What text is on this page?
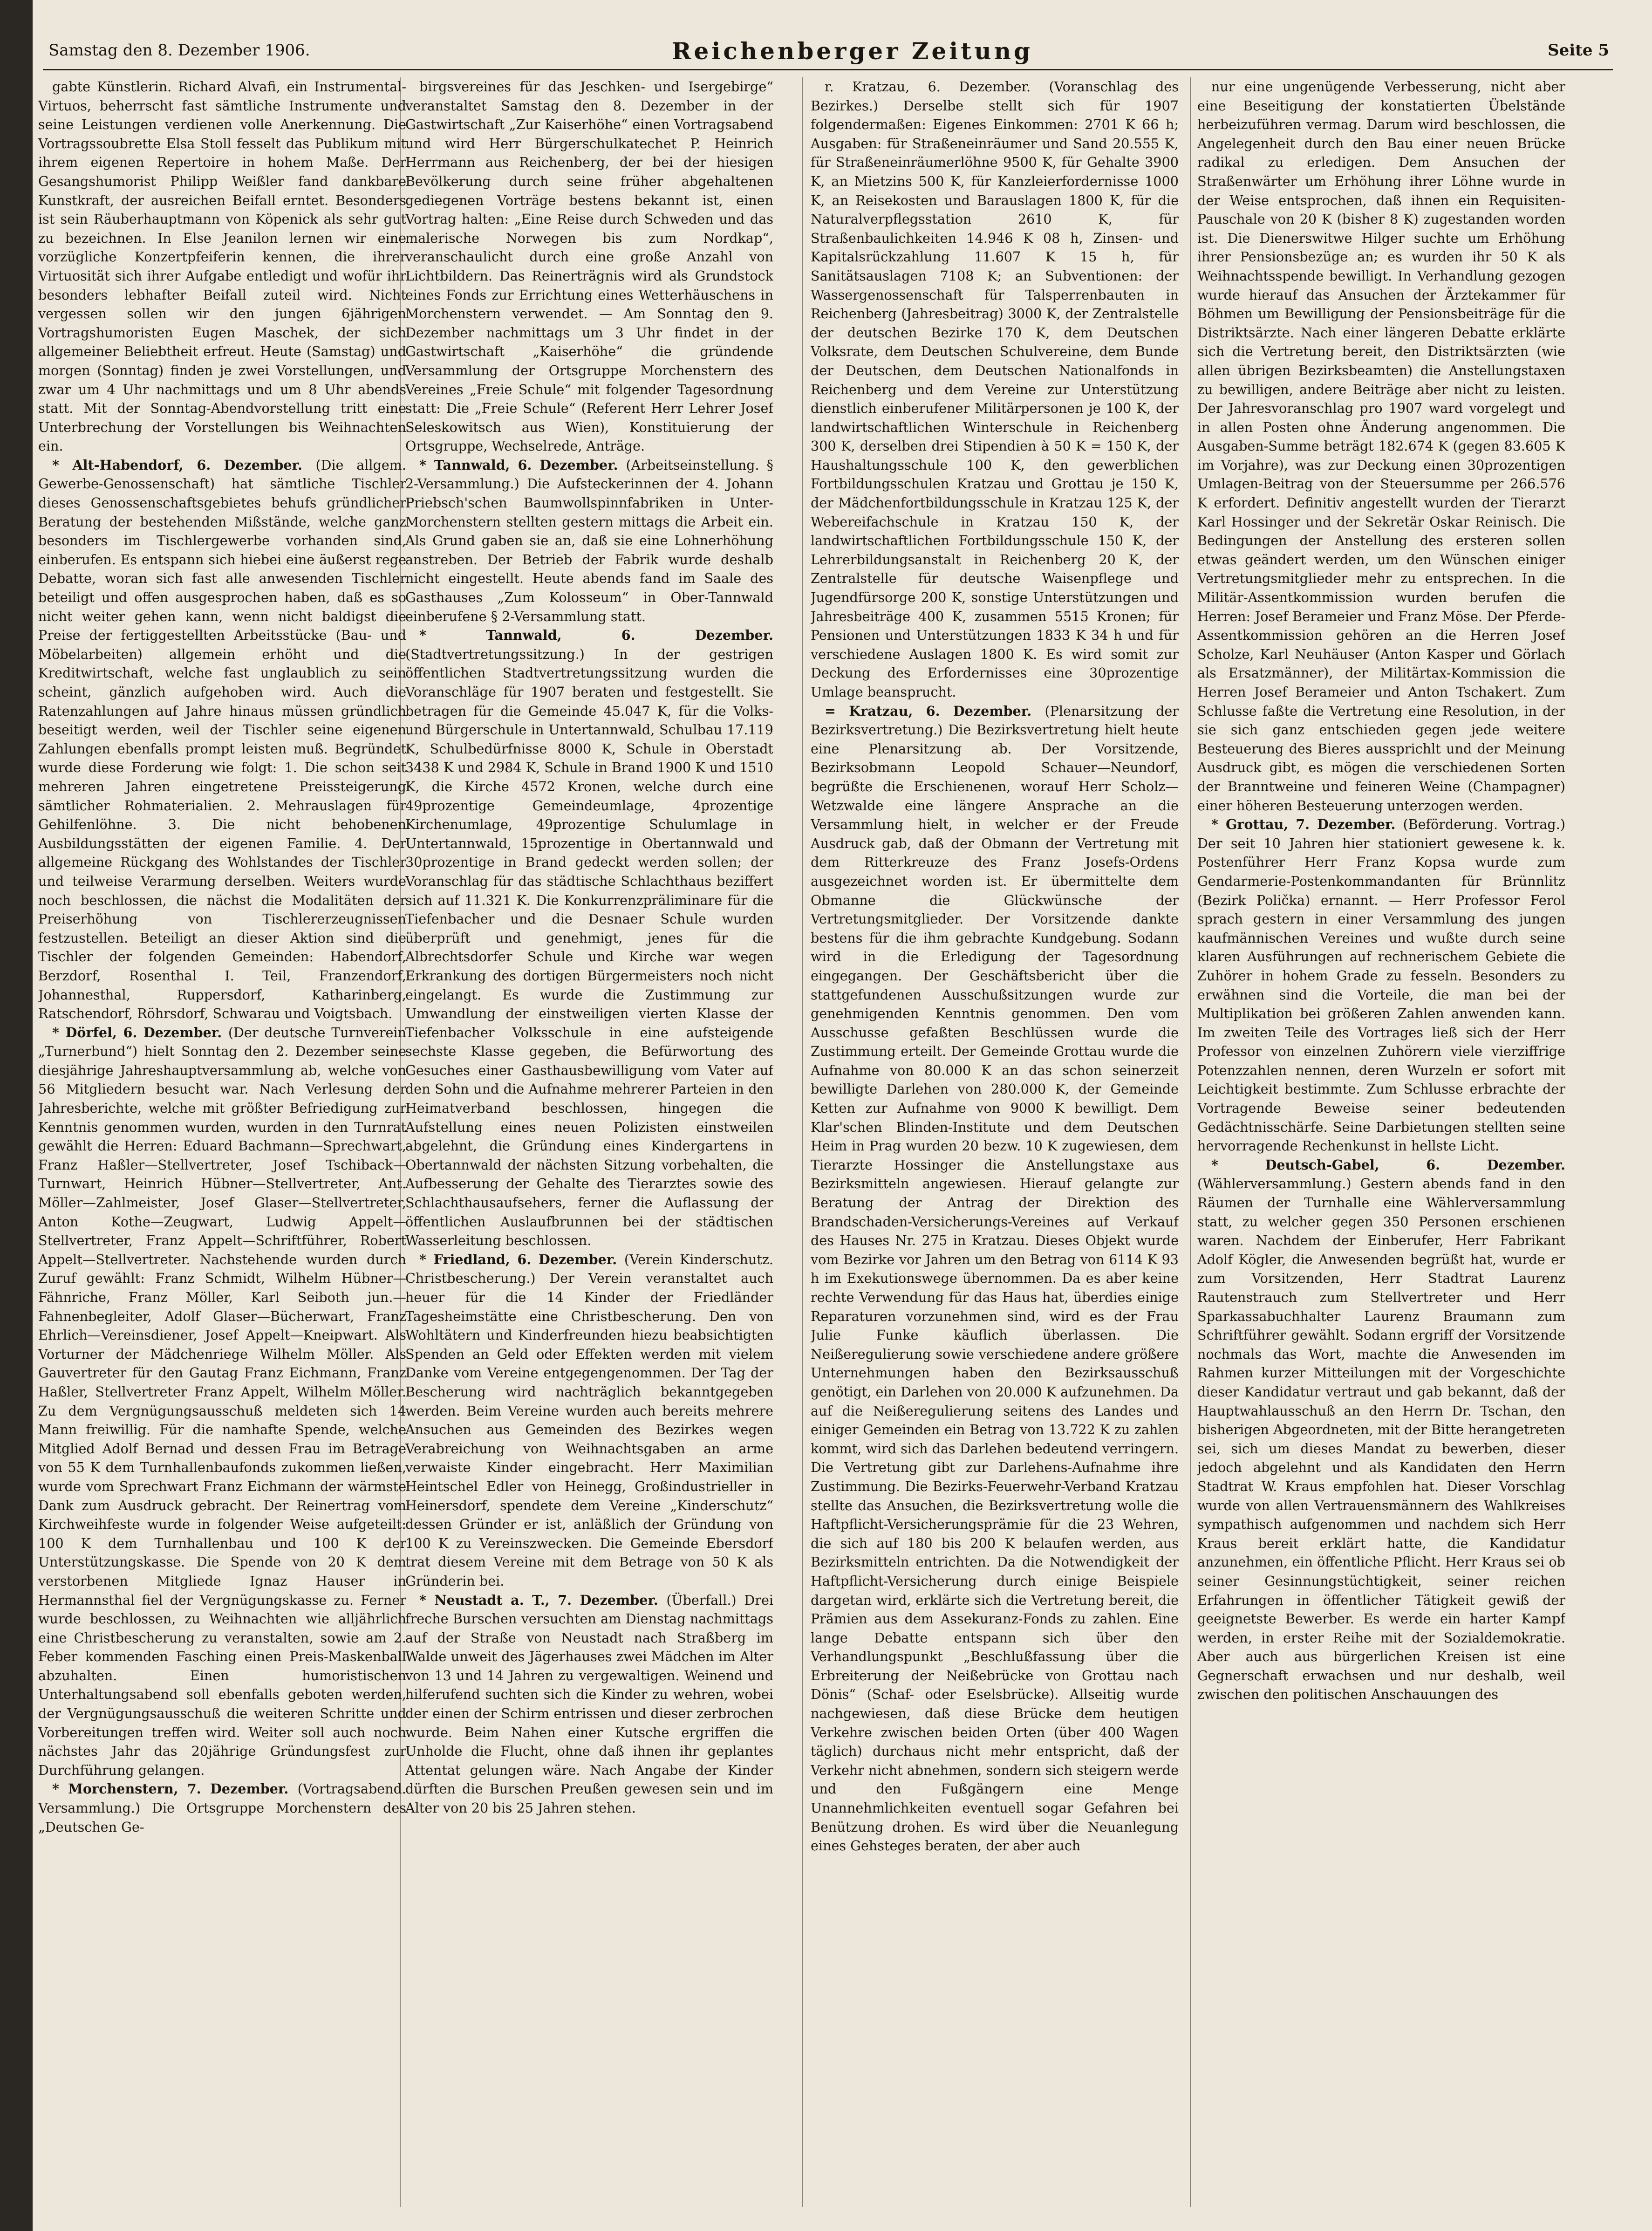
Samstag den 8. Dezember 1906.	Reichenberger Zeitung	Seite 5

gabte Künstlerin. Richard Alvafi, ein Instrumental-Virtuos, beherrscht fast sämtliche Instrumente und seine Leistungen verdienen volle Anerkennung. Die Vortragssoubrette Elsa Stoll fesselt das Publikum mit ihrem eigenen Repertoire in hohem Maße. Der Gesangshumorist Philipp Weißler fand dankbare Kunstkraft, der ausreichen Beifall erntet. Besonders ist sein Räuberhauptmann von Köpenick als sehr gut zu bezeichnen. In Else Jeanilon lernen wir eine vorzügliche Konzertpfeiferin kennen, die ihrer Virtuosität sich ihrer Aufgabe entledigt und wofür ihr besonders lebhafter Beifall zuteil wird. Nicht vergessen sollen wir den jungen 6jährigen Vortragshumoristen Eugen Maschek, der sich allgemeiner Beliebtheit erfreut. Heute (Samstag) und morgen (Sonntag) finden je zwei Vorstellungen, und zwar um 4 Uhr nachmittags und um 8 Uhr abends statt. Mit der Sonntag-Abendvorstellung tritt eine Unterbrechung der Vorstellungen bis Weihnachten ein.

* Alt-Habendorf, 6. Dezember. (Die allgem. Gewerbe-Genossenschaft) hat sämtliche Tischler dieses Genossenschaftsgebietes behufs gründlicher Beratung der bestehenden Mißstände, welche ganz besonders im Tischlergewerbe vorhanden sind, einberufen. Es entspann sich hiebei eine äußerst rege Debatte, woran sich fast alle anwesenden Tischler beteiligt und offen ausgesprochen haben, daß es so nicht weiter gehen kann, wenn nicht baldigst die Preise der fertiggestellten Arbeitsstücke (Bau- und Möbelarbeiten) allgemein erhöht und die Kreditwirtschaft, welche fast unglaublich zu sein scheint, gänzlich aufgehoben wird. Auch die Ratenzahlungen auf Jahre hinaus müssen gründlich beseitigt werden, weil der Tischler seine eigenen Zahlungen ebenfalls prompt leisten muß. Begründet wurde diese Forderung wie folgt: 1. Die schon seit mehreren Jahren eingetretene Preissteigerung sämtlicher Rohmaterialien. 2. Mehrauslagen für Gehilfenlöhne. 3. Die nicht behobenen Ausbildungsstätten der eigenen Familie. 4. Der allgemeine Rückgang des Wohlstandes der Tischler und teilweise Verarmung derselben. Weiters wurde noch beschlossen, die nächst die Modalitäten der Preiserhöhung von Tischlererzeugnissen festzustellen. Beteiligt an dieser Aktion sind die Tischler der folgenden Gemeinden: Habendorf, Berzdorf, Rosenthal I. Teil, Franzendorf, Johannesthal, Ruppersdorf, Katharinberg, Ratschendorf, Röhrsdorf, Schwarau und Voigtsbach.

* Dörfel, 6. Dezember. (Der deutsche Turnverein „Turnerbund“) hielt Sonntag den 2. Dezember seine diesjährige Jahreshauptversammlung ab, welche von 56 Mitgliedern besucht war. Nach Verlesung der Jahresberichte, welche mit größter Befriedigung zur Kenntnis genommen wurden, wurden in den Turnrat gewählt die Herren: Eduard Bachmann—Sprechwart, Franz Haßler—Stellvertreter, Josef Tschiback—Turnwart, Heinrich Hübner—Stellvertreter, Ant. Möller—Zahlmeister, Josef Glaser—Stellvertreter, Anton Kothe—Zeugwart, Ludwig Appelt—Stellvertreter, Franz Appelt—Schriftführer, Robert Appelt—Stellvertreter. Nachstehende wurden durch Zuruf gewählt: Franz Schmidt, Wilhelm Hübner—Fähnriche, Franz Möller, Karl Seiboth jun.—Fahnenbegleiter, Adolf Glaser—Bücherwart, Franz Ehrlich—Vereinsdiener, Josef Appelt—Kneipwart. Als Vorturner der Mädchenriege Wilhelm Möller. Als Gauvertreter für den Gautag Franz Eichmann, Franz Haßler, Stellvertreter Franz Appelt, Wilhelm Möller. Zu dem Vergnügungsausschuß meldeten sich 14 Mann freiwillig. Für die namhafte Spende, welche Mitglied Adolf Bernad und dessen Frau im Betrage von 55 K dem Turnhallenbaufonds zukommen ließen, wurde vom Sprechwart Franz Eichmann der wärmste Dank zum Ausdruck gebracht. Der Reinertrag vom Kirchweihfeste wurde in folgender Weise aufgeteilt: 100 K dem Turnhallenbau und 100 K der Unterstützungskasse. Die Spende von 20 K dem verstorbenen Mitgliede Ignaz Hauser in Hermannsthal fiel der Vergnügungskasse zu. Ferner wurde beschlossen, zu Weihnachten wie alljährlich eine Christbescherung zu veranstalten, sowie am 2. Feber kommenden Fasching einen Preis-Maskenball abzuhalten. Einen humoristischen Unterhaltungsabend soll ebenfalls geboten werden, der Vergnügungsausschuß die weiteren Schritte und Vorbereitungen treffen wird. Weiter soll auch noch nächstes Jahr das 20jährige Gründungsfest zur Durchführung gelangen.

* Morchenstern, 7. Dezember. (Vortragsabend. Versammlung.) Die Ortsgruppe Morchenstern des „Deutschen Ge-

birgsvereines für das Jeschken- und Isergebirge“ veranstaltet Samstag den 8. Dezember in der Gastwirtschaft „Zur Kaiserhöhe“ einen Vortragsabend und wird Herr Bürgerschulkatechet P. Heinrich Herrmann aus Reichenberg, der bei der hiesigen Bevölkerung durch seine früher abgehaltenen gediegenen Vorträge bestens bekannt ist, einen Vortrag halten: „Eine Reise durch Schweden und das malerische Norwegen bis zum Nordkap“, veranschaulicht durch eine große Anzahl von Lichtbildern. Das Reinerträgnis wird als Grundstock eines Fonds zur Errichtung eines Wetterhäuschens in Morchenstern verwendet. — Am Sonntag den 9. Dezember nachmittags um 3 Uhr findet in der Gastwirtschaft „Kaiserhöhe“ die gründende Versammlung der Ortsgruppe Morchenstern des Vereines „Freie Schule“ mit folgender Tagesordnung statt: Die „Freie Schule“ (Referent Herr Lehrer Josef Seleskowitsch aus Wien), Konstituierung der Ortsgruppe, Wechselrede, Anträge.

* Tannwald, 6. Dezember. (Arbeitseinstellung. § 2-Versammlung.) Die Aufsteckerinnen der 4. Johann Priebsch'schen Baumwollspinnfabriken in Unter-Morchenstern stellten gestern mittags die Arbeit ein. Als Grund gaben sie an, daß sie eine Lohnerhöhung anstreben. Der Betrieb der Fabrik wurde deshalb nicht eingestellt. Heute abends fand im Saale des Gasthauses „Zum Kolosseum“ in Ober-Tannwald einberufene § 2-Versammlung statt.

* Tannwald, 6. Dezember. (Stadtvertretungssitzung.) In der gestrigen öffentlichen Stadtvertretungssitzung wurden die Voranschläge für 1907 beraten und festgestellt. Sie betragen für die Gemeinde 45.047 K, für die Volks- und Bürgerschule in Untertannwald, Schulbau 17.119 K, Schulbedürfnisse 8000 K, Schule in Oberstadt 3438 K und 2984 K, Schule in Brand 1900 K und 1510 K, die Kirche 4572 Kronen, welche durch eine 49prozentige Gemeindeumlage, 4prozentige Kirchenumlage, 49prozentige Schulumlage in Untertannwald, 15prozentige in Obertannwald und 30prozentige in Brand gedeckt werden sollen; der Voranschlag für das städtische Schlachthaus beziffert sich auf 11.321 K. Die Konkurrenzpräliminare für die Tiefenbacher und die Desnaer Schule wurden überprüft und genehmigt, jenes für die Albrechtsdorfer Schule und Kirche war wegen Erkrankung des dortigen Bürgermeisters noch nicht eingelangt. Es wurde die Zustimmung zur Umwandlung der einstweiligen vierten Klasse der Tiefenbacher Volksschule in eine aufsteigende sechste Klasse gegeben, die Befürwortung des Gesuches einer Gasthausbewilligung vom Vater auf den Sohn und die Aufnahme mehrerer Parteien in den Heimatverband beschlossen, hingegen die Aufstellung eines neuen Polizisten einstweilen abgelehnt, die Gründung eines Kindergartens in Obertannwald der nächsten Sitzung vorbehalten, die Aufbesserung der Gehalte des Tierarztes sowie des Schlachthausaufsehers, ferner die Auflassung der öffentlichen Auslaufbrunnen bei der städtischen Wasserleitung beschlossen.

* Friedland, 6. Dezember. (Verein Kinderschutz. Christbescherung.) Der Verein veranstaltet auch heuer für die 14 Kinder der Friedländer Tagesheimstätte eine Christbescherung. Den von Wohltätern und Kinderfreunden hiezu beabsichtigten Spenden an Geld oder Effekten werden mit vielem Danke vom Vereine entgegengenommen. Der Tag der Bescherung wird nachträglich bekanntgegeben werden. Beim Vereine wurden auch bereits mehrere Ansuchen aus Gemeinden des Bezirkes wegen Verabreichung von Weihnachtsgaben an arme verwaiste Kinder eingebracht. Herr Maximilian Heintschel Edler von Heinegg, Großindustrieller in Heinersdorf, spendete dem Vereine „Kinderschutz“ dessen Gründer er ist, anläßlich der Gründung von 100 K zu Vereinszwecken. Die Gemeinde Ebersdorf trat diesem Vereine mit dem Betrage von 50 K als Gründerin bei.

* Neustadt a. T., 7. Dezember. (Überfall.) Drei freche Burschen versuchten am Dienstag nachmittags auf der Straße von Neustadt nach Straßberg im Walde unweit des Jägerhauses zwei Mädchen im Alter von 13 und 14 Jahren zu vergewaltigen. Weinend und hilferufend suchten sich die Kinder zu wehren, wobei der einen der Schirm entrissen und dieser zerbrochen wurde. Beim Nahen einer Kutsche ergriffen die Unholde die Flucht, ohne daß ihnen ihr geplantes Attentat gelungen wäre. Nach Angabe der Kinder dürften die Burschen Preußen gewesen sein und im Alter von 20 bis 25 Jahren stehen.

r. Kratzau, 6. Dezember. (Voranschlag des Bezirkes.) Derselbe stellt sich für 1907 folgendermaßen: Eigenes Einkommen: 2701 K 66 h; Ausgaben: für Straßeneinräumer und Sand 20.555 K, für Straßeneinräumerlöhne 9500 K, für Gehalte 3900 K, an Mietzins 500 K, für Kanzleierfordernisse 1000 K, an Reisekosten und Barauslagen 1800 K, für die Naturalverpflegsstation 2610 K, für Straßenbaulichkeiten 14.946 K 08 h, Zinsen- und Kapitalsrückzahlung 11.607 K 15 h, für Sanitätsauslagen 7108 K; an Subventionen: der Wassergenossenschaft für Talsperrenbauten in Reichenberg (Jahresbeitrag) 3000 K, der Zentralstelle der deutschen Bezirke 170 K, dem Deutschen Volksrate, dem Deutschen Schulvereine, dem Bunde der Deutschen, dem Deutschen Nationalfonds in Reichenberg und dem Vereine zur Unterstützung dienstlich einberufener Militärpersonen je 100 K, der landwirtschaftlichen Winterschule in Reichenberg 300 K, derselben drei Stipendien à 50 K = 150 K, der Haushaltungsschule 100 K, den gewerblichen Fortbildungsschulen Kratzau und Grottau je 150 K, der Mädchenfortbildungsschule in Kratzau 125 K, der Webereifachschule in Kratzau 150 K, der landwirtschaftlichen Fortbildungsschule 150 K, der Lehrerbildungsanstalt in Reichenberg 20 K, der Zentralstelle für deutsche Waisenpflege und Jugendfürsorge 200 K, sonstige Unterstützungen und Jahresbeiträge 400 K, zusammen 5515 Kronen; für Pensionen und Unterstützungen 1833 K 34 h und für verschiedene Auslagen 1800 K. Es wird somit zur Deckung des Erfordernisses eine 30prozentige Umlage beansprucht.

= Kratzau, 6. Dezember. (Plenarsitzung der Bezirksvertretung.) Die Bezirksvertretung hielt heute eine Plenarsitzung ab. Der Vorsitzende, Bezirksobmann Leopold Schauer—Neundorf, begrüßte die Erschienenen, worauf Herr Scholz—Wetzwalde eine längere Ansprache an die Versammlung hielt, in welcher er der Freude Ausdruck gab, daß der Obmann der Vertretung mit dem Ritterkreuze des Franz Josefs-Ordens ausgezeichnet worden ist. Er übermittelte dem Obmanne die Glückwünsche der Vertretungsmitglieder. Der Vorsitzende dankte bestens für die ihm gebrachte Kundgebung. Sodann wird in die Erledigung der Tagesordnung eingegangen. Der Geschäftsbericht über die stattgefundenen Ausschußsitzungen wurde zur genehmigenden Kenntnis genommen. Den vom Ausschusse gefaßten Beschlüssen wurde die Zustimmung erteilt. Der Gemeinde Grottau wurde die Aufnahme von 80.000 K an das schon seinerzeit bewilligte Darlehen von 280.000 K, der Gemeinde Ketten zur Aufnahme von 9000 K bewilligt. Dem Klar'schen Blinden-Institute und dem Deutschen Heim in Prag wurden 20 bezw. 10 K zugewiesen, dem Tierarzte Hossinger die Anstellungstaxe aus Bezirksmitteln angewiesen. Hierauf gelangte zur Beratung der Antrag der Direktion des Brandschaden-Versicherungs-Vereines auf Verkauf des Hauses Nr. 275 in Kratzau. Dieses Objekt wurde vom Bezirke vor Jahren um den Betrag von 6114 K 93 h im Exekutionswege übernommen. Da es aber keine rechte Verwendung für das Haus hat, überdies einige Reparaturen vorzunehmen sind, wird es der Frau Julie Funke käuflich überlassen. Die Neißeregulierung sowie verschiedene andere größere Unternehmungen haben den Bezirksausschuß genötigt, ein Darlehen von 20.000 K aufzunehmen. Da auf die Neißeregulierung seitens des Landes und einiger Gemeinden ein Betrag von 13.722 K zu zahlen kommt, wird sich das Darlehen bedeutend verringern. Die Vertretung gibt zur Darlehens-Aufnahme ihre Zustimmung. Die Bezirks-Feuerwehr-Verband Kratzau stellte das Ansuchen, die Bezirksvertretung wolle die Haftpflicht-Versicherungsprämie für die 23 Wehren, die sich auf 180 bis 200 K belaufen werden, aus Bezirksmitteln entrichten. Da die Notwendigkeit der Haftpflicht-Versicherung durch einige Beispiele dargetan wird, erklärte sich die Vertretung bereit, die Prämien aus dem Assekuranz-Fonds zu zahlen. Eine lange Debatte entspann sich über den Verhandlungspunkt „Beschlußfassung über die Erbreiterung der Neißebrücke von Grottau nach Dönis“ (Schaf- oder Eselsbrücke). Allseitig wurde nachgewiesen, daß diese Brücke dem heutigen Verkehre zwischen beiden Orten (über 400 Wagen täglich) durchaus nicht mehr entspricht, daß der Verkehr nicht abnehmen, sondern sich steigern werde und den Fußgängern eine Menge Unannehmlichkeiten eventuell sogar Gefahren bei Benützung drohen. Es wird über die Neuanlegung eines Gehsteges beraten, der aber auch

nur eine ungenügende Verbesserung, nicht aber eine Beseitigung der konstatierten Übelstände herbeizuführen vermag. Darum wird beschlossen, die Angelegenheit durch den Bau einer neuen Brücke radikal zu erledigen. Dem Ansuchen der Straßenwärter um Erhöhung ihrer Löhne wurde in der Weise entsprochen, daß ihnen ein Requisiten-Pauschale von 20 K (bisher 8 K) zugestanden worden ist. Die Dienerswitwe Hilger suchte um Erhöhung ihrer Pensionsbezüge an; es wurden ihr 50 K als Weihnachtsspende bewilligt. In Verhandlung gezogen wurde hierauf das Ansuchen der Ärztekammer für Böhmen um Bewilligung der Pensionsbeiträge für die Distriktsärzte. Nach einer längeren Debatte erklärte sich die Vertretung bereit, den Distriktsärzten (wie allen übrigen Bezirksbeamten) die Anstellungstaxen zu bewilligen, andere Beiträge aber nicht zu leisten. Der Jahresvoranschlag pro 1907 ward vorgelegt und in allen Posten ohne Änderung angenommen. Die Ausgaben-Summe beträgt 182.674 K (gegen 83.605 K im Vorjahre), was zur Deckung einen 30prozentigen Umlagen-Beitrag von der Steuersumme per 266.576 K erfordert. Definitiv angestellt wurden der Tierarzt Karl Hossinger und der Sekretär Oskar Reinisch. Die Bedingungen der Anstellung des ersteren sollen etwas geändert werden, um den Wünschen einiger Vertretungsmitglieder mehr zu entsprechen. In die Militär-Assentkommission wurden berufen die Herren: Josef Berameier und Franz Möse. Der Pferde-Assentkommission gehören an die Herren Josef Scholze, Karl Neuhäuser (Anton Kasper und Görlach als Ersatzmänner), der Militärtax-Kommission die Herren Josef Berameier und Anton Tschakert. Zum Schlusse faßte die Vertretung eine Resolution, in der sie sich ganz entschieden gegen jede weitere Besteuerung des Bieres aussprichlt und der Meinung Ausdruck gibt, es mögen die verschiedenen Sorten der Branntweine und feineren Weine (Champagner) einer höheren Besteuerung unterzogen werden.

* Grottau, 7. Dezember. (Beförderung. Vortrag.) Der seit 10 Jahren hier stationiert gewesene k. k. Postenführer Herr Franz Kopsa wurde zum Gendarmerie-Postenkommandanten für Brünnlitz (Bezirk Polička) ernannt. — Herr Professor Ferol sprach gestern in einer Versammlung des jungen kaufmännischen Vereines und wußte durch seine klaren Ausführungen auf rechnerischem Gebiete die Zuhörer in hohem Grade zu fesseln. Besonders zu erwähnen sind die Vorteile, die man bei der Multiplikation bei größeren Zahlen anwenden kann. Im zweiten Teile des Vortrages ließ sich der Herr Professor von einzelnen Zuhörern viele vierziffrige Potenzzahlen nennen, deren Wurzeln er sofort mit Leichtigkeit bestimmte. Zum Schlusse erbrachte der Vortragende Beweise seiner bedeutenden Gedächtnisschärfe. Seine Darbietungen stellten seine hervorragende Rechenkunst in hellste Licht.

* Deutsch-Gabel, 6. Dezember. (Wählerversammlung.) Gestern abends fand in den Räumen der Turnhalle eine Wählerversammlung statt, zu welcher gegen 350 Personen erschienen waren. Nachdem der Einberufer, Herr Fabrikant Adolf Kögler, die Anwesenden begrüßt hat, wurde er zum Vorsitzenden, Herr Stadtrat Laurenz Rautenstrauch zum Stellvertreter und Herr Sparkassabuchhalter Laurenz Braumann zum Schriftführer gewählt. Sodann ergriff der Vorsitzende nochmals das Wort, machte die Anwesenden im Rahmen kurzer Mitteilungen mit der Vorgeschichte dieser Kandidatur vertraut und gab bekannt, daß der Hauptwahlausschuß an den Herrn Dr. Tschan, den bisherigen Abgeordneten, mit der Bitte herangetreten sei, sich um dieses Mandat zu bewerben, dieser jedoch abgelehnt und als Kandidaten den Herrn Stadtrat W. Kraus empfohlen hat. Dieser Vorschlag wurde von allen Vertrauensmännern des Wahlkreises sympathisch aufgenommen und nachdem sich Herr Kraus bereit erklärt hatte, die Kandidatur anzunehmen, ein öffentliche Pflicht. Herr Kraus sei ob seiner Gesinnungstüchtigkeit, seiner reichen Erfahrungen in öffentlicher Tätigkeit gewiß der geeignetste Bewerber. Es werde ein harter Kampf werden, in erster Reihe mit der Sozialdemokratie. Aber auch aus bürgerlichen Kreisen ist eine Gegnerschaft erwachsen und nur deshalb, weil zwischen den politischen Anschauungen des
